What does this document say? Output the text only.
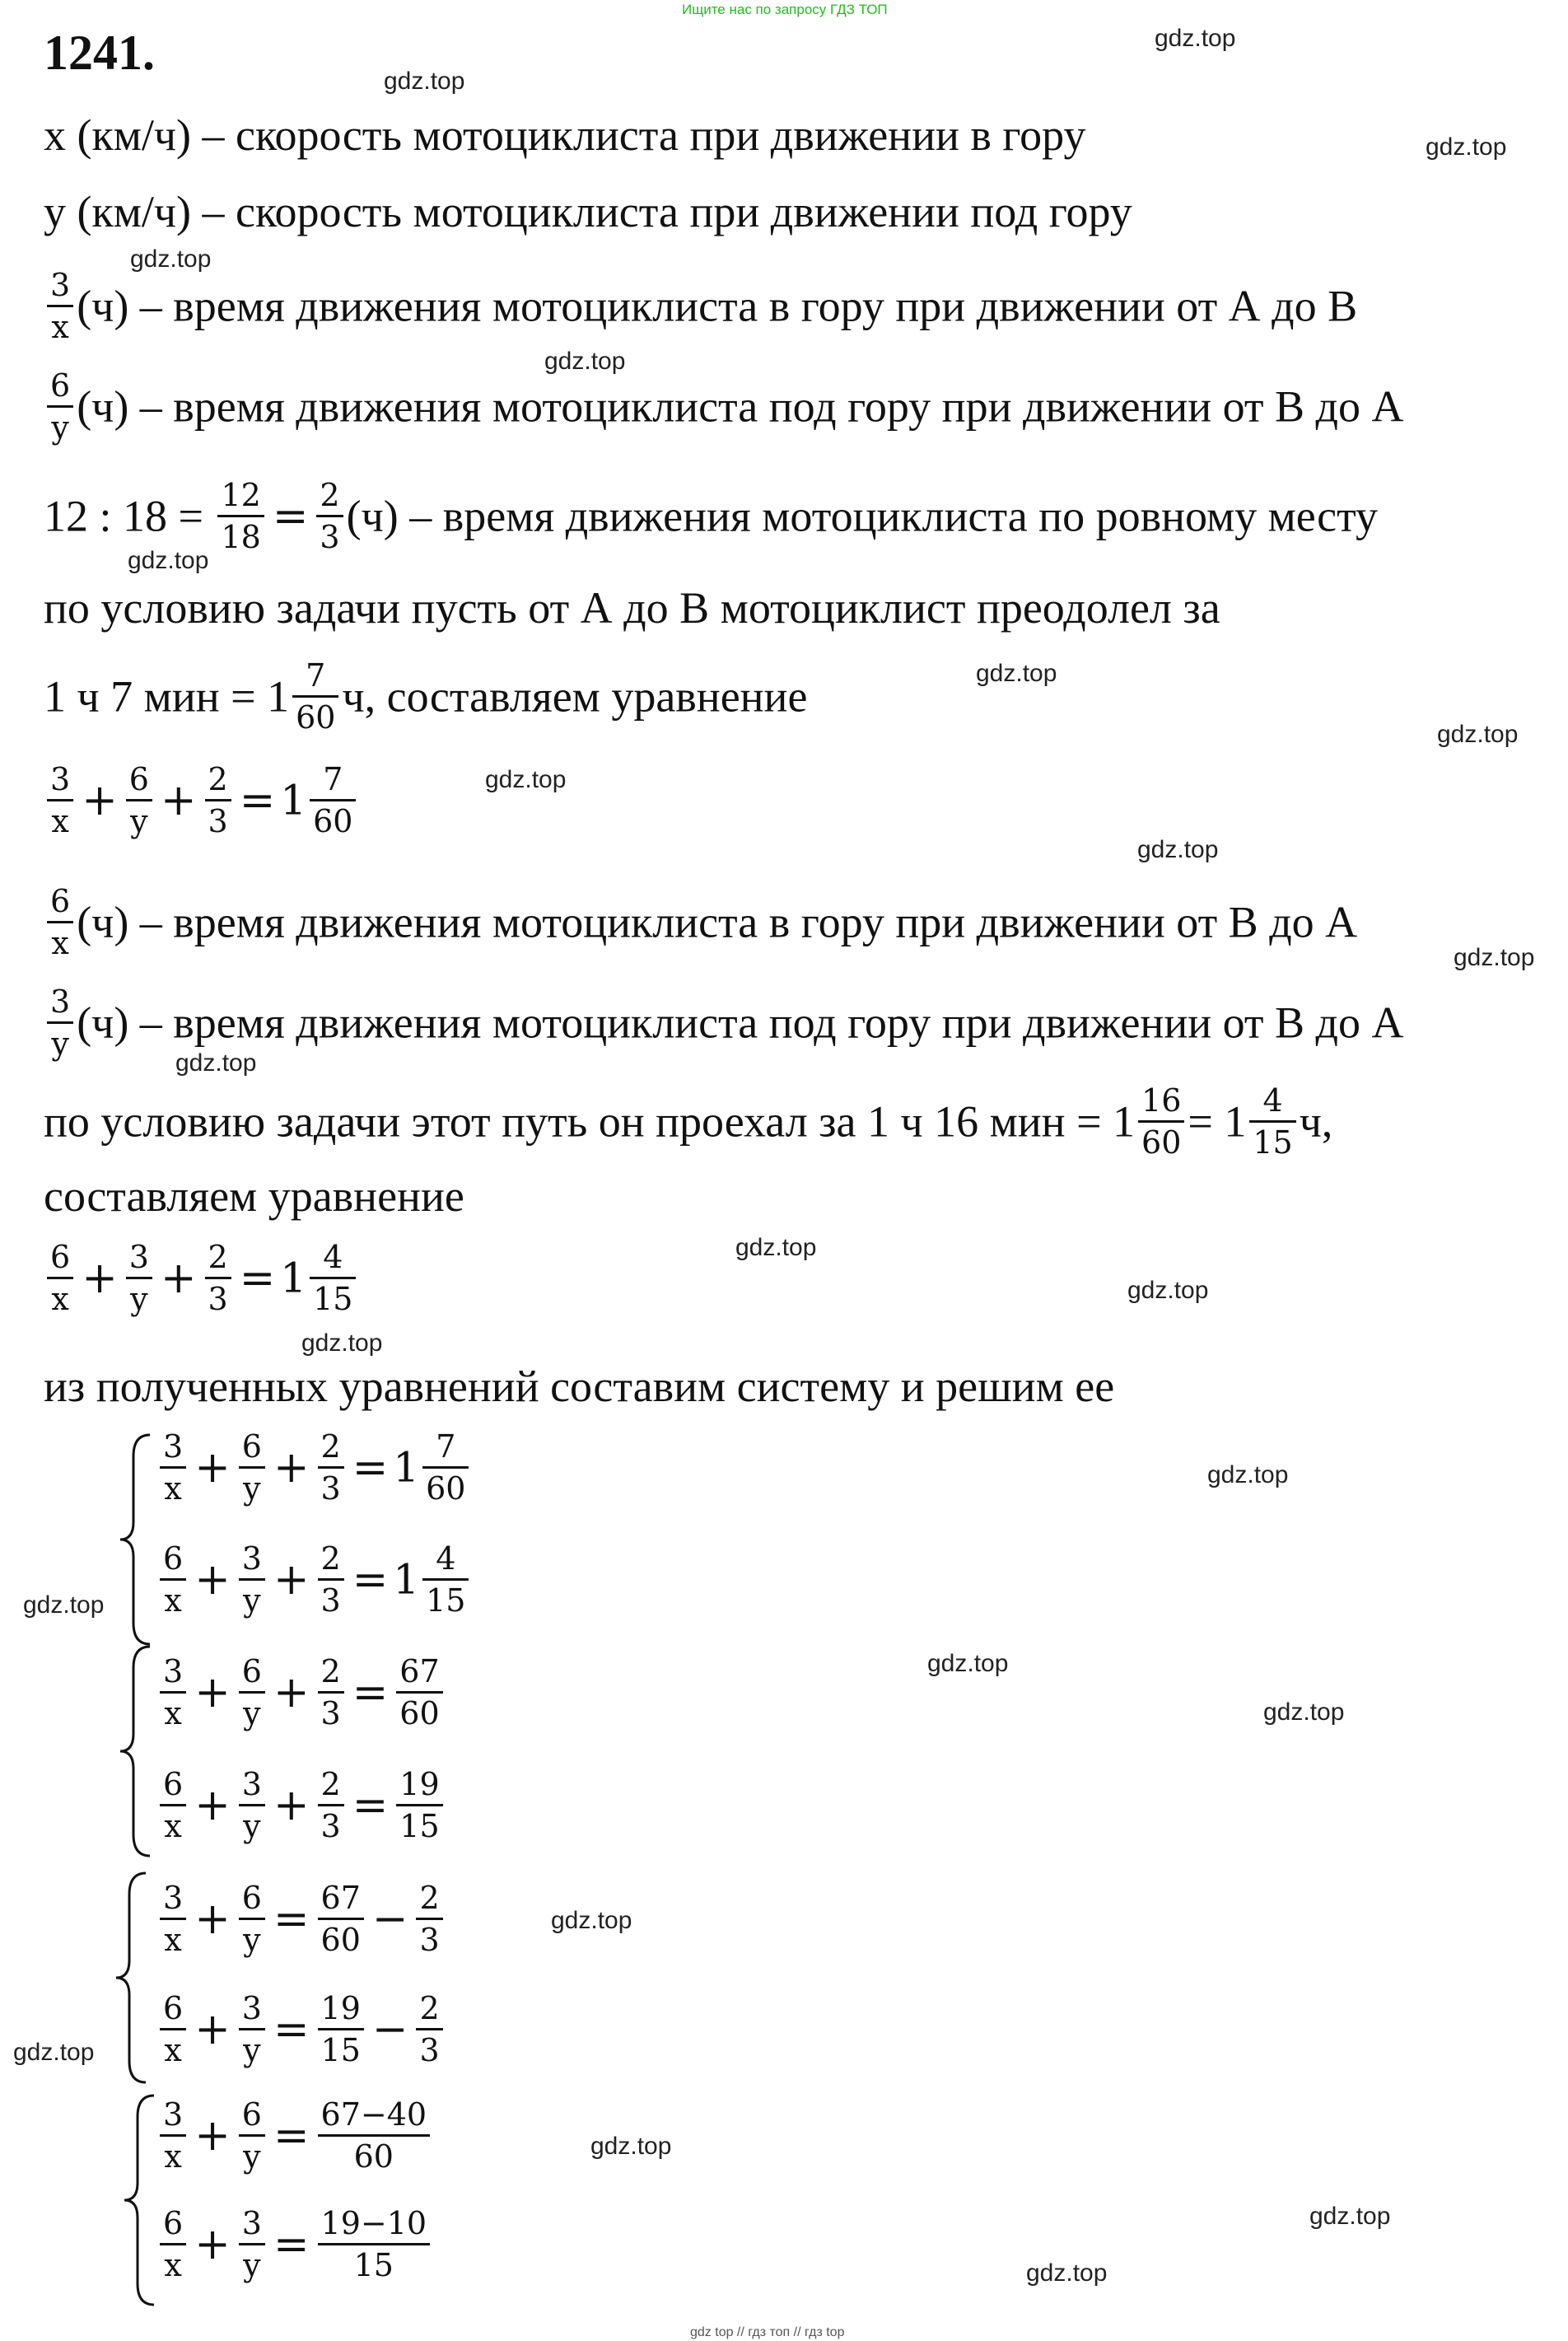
Ищите нас по запросу ГДЗ ТОП
gdz top // гдз топ // гдз top
1241.
x (км/ч) – скорость мотоциклиста при движении в гору
y (км/ч) – скорость мотоциклиста при движении под гору
$\frac{3}{x} (ч)$ – время движения мотоциклиста в гору при движении от А до В
$\frac{6}{y} (ч)$ – время движения мотоциклиста под гору при движении от В до А
12 : $18 = \frac{12}{18} = \frac{2}{3} (ч)$ – время движения мотоциклиста по ровному месту
по условию задачи пусть от А до В мотоциклист преодолел за
1 ч 7 мин = $1 \frac{7}{60} ч$, составляем уравнение
$\frac{3}{x} + \frac{6}{y} + \frac{2}{3} = 1 \frac{7}{60}$
$\frac{6}{x} (ч)$ – время движения мотоциклиста в гору при движении от В до А
$\frac{3}{y} (ч)$ – время движения мотоциклиста под гору при движении от В до А
по условию задачи этот путь он проехал за 1 ч 16 мин = $1 \frac{16}{60} = 1 \frac{4}{15} ч$,
составляем уравнение
$\frac{6}{x} + \frac{3}{y} + \frac{2}{3} = 1 \frac{4}{15}$
из полученных уравнений составим систему и решим ее
$\frac{3}{x} + \frac{6}{y} + \frac{2}{3} = 1 \frac{7}{60}$
$\frac{6}{x} + \frac{3}{y} + \frac{2}{3} = 1 \frac{4}{15}$
$\frac{3}{x} + \frac{6}{y} + \frac{2}{3} = \frac{67}{60}$
$\frac{6}{x} + \frac{3}{y} + \frac{2}{3} = \frac{19}{15}$
$\frac{3}{x} + \frac{6}{y} = \frac{67}{60} - \frac{2}{3}$
$\frac{6}{x} + \frac{3}{y} = \frac{19}{15} - \frac{2}{3}$
$\frac{3}{x} + \frac{6}{y} = \frac{67-40}{60}$
$\frac{6}{x} + \frac{3}{y} = \frac{19-10}{15}$
gdz.top
gdz.top
gdz.top
gdz.top
gdz.top
gdz.top
gdz.top
gdz.top
gdz.top
gdz.top
gdz.top
gdz.top
gdz.top
gdz.top
gdz.top
gdz.top
gdz.top
gdz.top
gdz.top
gdz.top
gdz.top
gdz.top
gdz.top
gdz.top
